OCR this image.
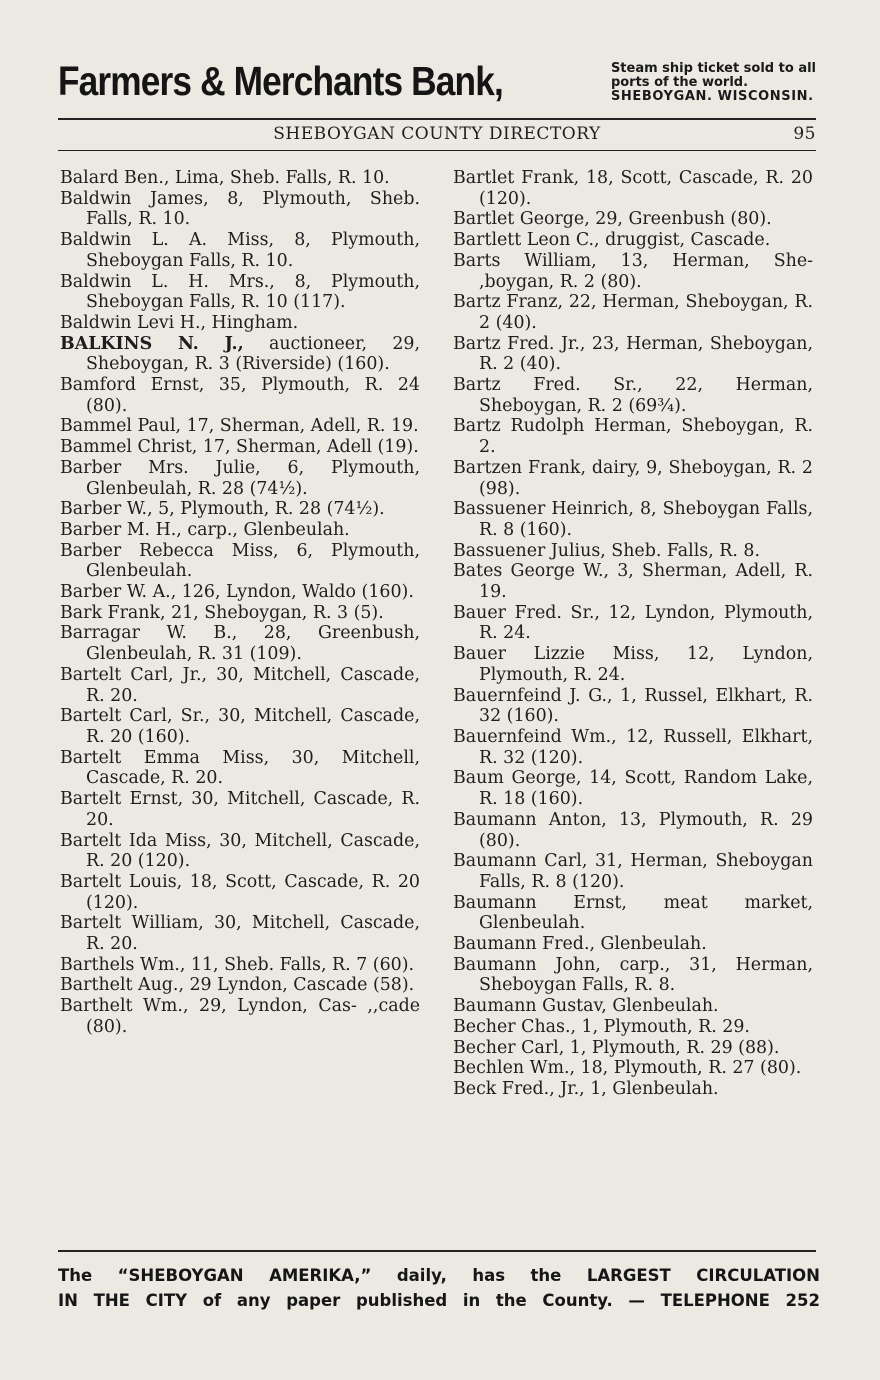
Farmers & Merchants Bank,	Steam ship ticket sold to all
ports of the world.
SHEBOYGAN. WISCONSIN.
SHEBOYGAN COUNTY DIRECTORY	95
Balard Ben., Lima, Sheb. Falls, R. 10.
Baldwin James, 8, Plymouth, Sheb. Falls, R. 10.
Baldwin L. A. Miss, 8, Plymouth, Sheboygan Falls, R. 10.
Baldwin L. H. Mrs., 8, Plymouth, Sheboygan Falls, R. 10 (117).
Baldwin Levi H., Hingham.
BALKINS N. J., auctioneer, 29, Sheboygan, R. 3 (Riverside) (160).
Bamford Ernst, 35, Plymouth, R. 24 (80).
Bammel Paul, 17, Sherman, Adell, R. 19.
Bammel Christ, 17, Sherman, Adell (19).
Barber Mrs. Julie, 6, Plymouth, Glenbeulah, R. 28 (74½).
Barber W., 5, Plymouth, R. 28 (74½).
Barber M. H., carp., Glenbeulah.
Barber Rebecca Miss, 6, Plymouth, Glenbeulah.
Barber W. A., 126, Lyndon, Waldo (160).
Bark Frank, 21, Sheboygan, R. 3 (5).
Barragar W. B., 28, Greenbush, Glenbeulah, R. 31 (109).
Bartelt Carl, Jr., 30, Mitchell, Cascade, R. 20.
Bartelt Carl, Sr., 30, Mitchell, Cascade, R. 20 (160).
Bartelt Emma Miss, 30, Mitchell, Cascade, R. 20.
Bartelt Ernst, 30, Mitchell, Cascade, R. 20.
Bartelt Ida Miss, 30, Mitchell, Cascade, R. 20 (120).
Bartelt Louis, 18, Scott, Cascade, R. 20 (120).
Bartelt William, 30, Mitchell, Cascade, R. 20.
Barthels Wm., 11, Sheb. Falls, R. 7 (60).
Barthelt Aug., 29 Lyndon, Cascade (58).
Barthelt Wm., 29, Lyndon, Cas- ,,cade (80).
Bartlet Frank, 18, Scott, Cascade, R. 20 (120).
Bartlet George, 29, Greenbush (80).
Bartlett Leon C., druggist, Cascade.
Barts William, 13, Herman, She- ,boygan, R. 2 (80).
Bartz Franz, 22, Herman, Sheboygan, R. 2 (40).
Bartz Fred. Jr., 23, Herman, Sheboygan, R. 2 (40).
Bartz Fred. Sr., 22, Herman, Sheboygan, R. 2 (69¾).
Bartz Rudolph Herman, Sheboygan, R. 2.
Bartzen Frank, dairy, 9, Sheboygan, R. 2 (98).
Bassuener Heinrich, 8, Sheboygan Falls, R. 8 (160).
Bassuener Julius, Sheb. Falls, R. 8.
Bates George W., 3, Sherman, Adell, R. 19.
Bauer Fred. Sr., 12, Lyndon, Plymouth, R. 24.
Bauer Lizzie Miss, 12, Lyndon, Plymouth, R. 24.
Bauernfeind J. G., 1, Russel, Elkhart, R. 32 (160).
Bauernfeind Wm., 12, Russell, Elkhart, R. 32 (120).
Baum George, 14, Scott, Random Lake, R. 18 (160).
Baumann Anton, 13, Plymouth, R. 29 (80).
Baumann Carl, 31, Herman, Sheboygan Falls, R. 8 (120).
Baumann Ernst, meat market, Glenbeulah.
Baumann Fred., Glenbeulah.
Baumann John, carp., 31, Herman, Sheboygan Falls, R. 8.
Baumann Gustav, Glenbeulah.
Becher Chas., 1, Plymouth, R. 29.
Becher Carl, 1, Plymouth, R. 29 (88).
Bechlen Wm., 18, Plymouth, R. 27 (80).
Beck Fred., Jr., 1, Glenbeulah.
The “SHEBOYGAN AMERIKA,” daily, has the LARGEST CIRCULATION
IN THE CITY of any paper published in the County. — TELEPHONE 252
